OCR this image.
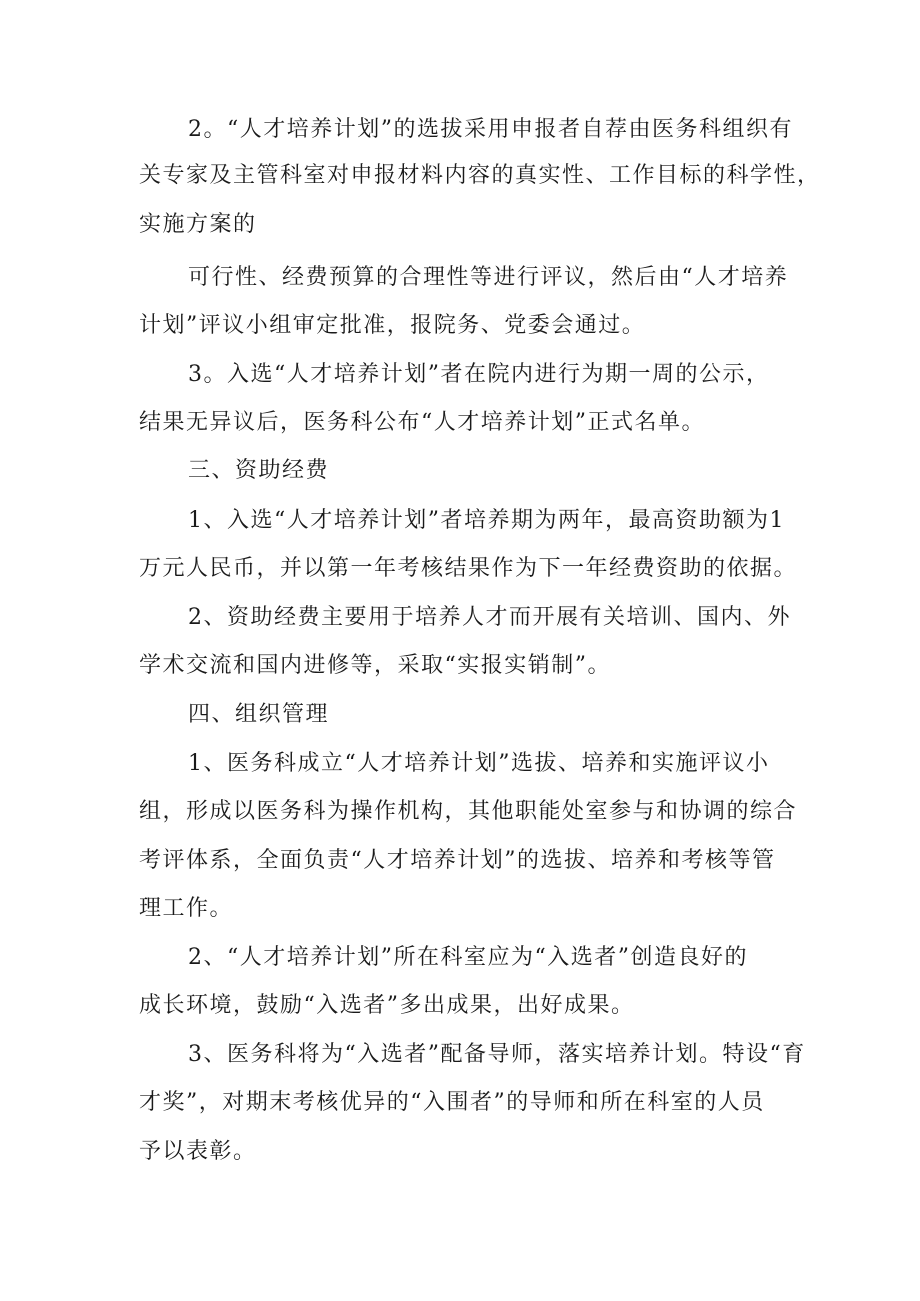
2。“人才培养计划”的选拔采用申报者自荐由医务科组织有
关专家及主管科室对申报材料内容的真实性、工作目标的科学性，
实施方案的
可行性、经费预算的合理性等进行评议，然后由“人才培养
计划”评议小组审定批准，报院务、党委会通过。
3。入选“人才培养计划”者在院内进行为期一周的公示，
结果无异议后，医务科公布“人才培养计划”正式名单。
三、资助经费
1、入选“人才培养计划”者培养期为两年，最高资助额为1
万元人民币，并以第一年考核结果作为下一年经费资助的依据。
2、资助经费主要用于培养人才而开展有关培训、国内、外
学术交流和国内进修等，采取“实报实销制”。
四、组织管理
1、医务科成立“人才培养计划”选拔、培养和实施评议小
组，形成以医务科为操作机构，其他职能处室参与和协调的综合
考评体系，全面负责“人才培养计划”的选拔、培养和考核等管
理工作。
2、“人才培养计划”所在科室应为“入选者”创造良好的
成长环境，鼓励“入选者”多出成果，出好成果。
3、医务科将为“入选者”配备导师，落实培养计划。特设“育
才奖”，对期末考核优异的“入围者”的导师和所在科室的人员
予以表彰。
